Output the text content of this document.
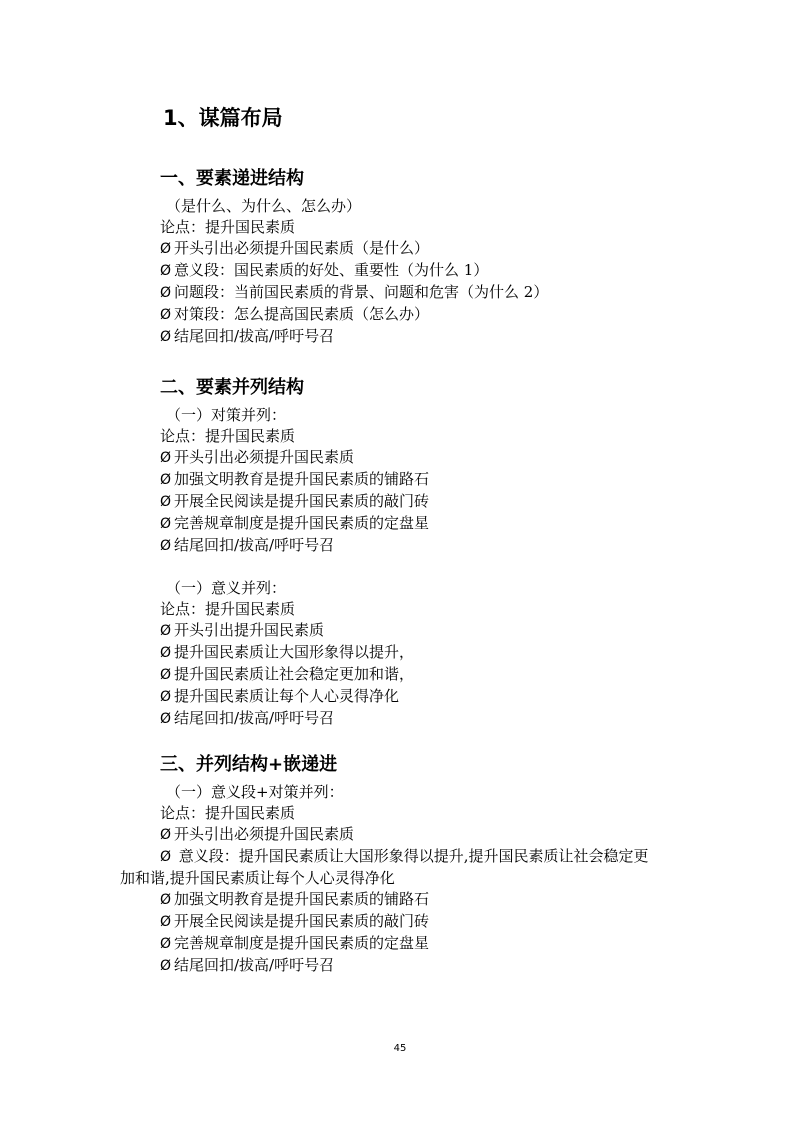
1、谋篇布局
一、要素递进结构

（是什么、为什么、怎么办）

论点：提升国民素质

Ø 开头引出必须提升国民素质（是什么）

Ø 意义段：国民素质的好处、重要性（为什么 1）

Ø 问题段：当前国民素质的背景、问题和危害（为什么 2）

Ø 对策段：怎么提高国民素质（怎么办）

Ø 结尾回扣/拔高/呼吁号召

二、要素并列结构

（一）对策并列：

论点：提升国民素质

Ø 开头引出必须提升国民素质

Ø 加强文明教育是提升国民素质的铺路石

Ø 开展全民阅读是提升国民素质的敲门砖

Ø 完善规章制度是提升国民素质的定盘星

Ø 结尾回扣/拔高/呼吁号召

（一）意义并列：

论点：提升国民素质

Ø 开头引出提升国民素质

Ø 提升国民素质让大国形象得以提升，

Ø 提升国民素质让社会稳定更加和谐，

Ø 提升国民素质让每个人心灵得净化

Ø 结尾回扣/拔高/呼吁号召

三、并列结构+嵌递进

（一）意义段+对策并列：

论点：提升国民素质

Ø 开头引出必须提升国民素质

Ø 意义段：提升国民素质让大国形象得以提升,提升国民素质让社会稳定更

加和谐,提升国民素质让每个人心灵得净化

Ø 加强文明教育是提升国民素质的铺路石

Ø 开展全民阅读是提升国民素质的敲门砖

Ø 完善规章制度是提升国民素质的定盘星

Ø 结尾回扣/拔高/呼吁号召

45
